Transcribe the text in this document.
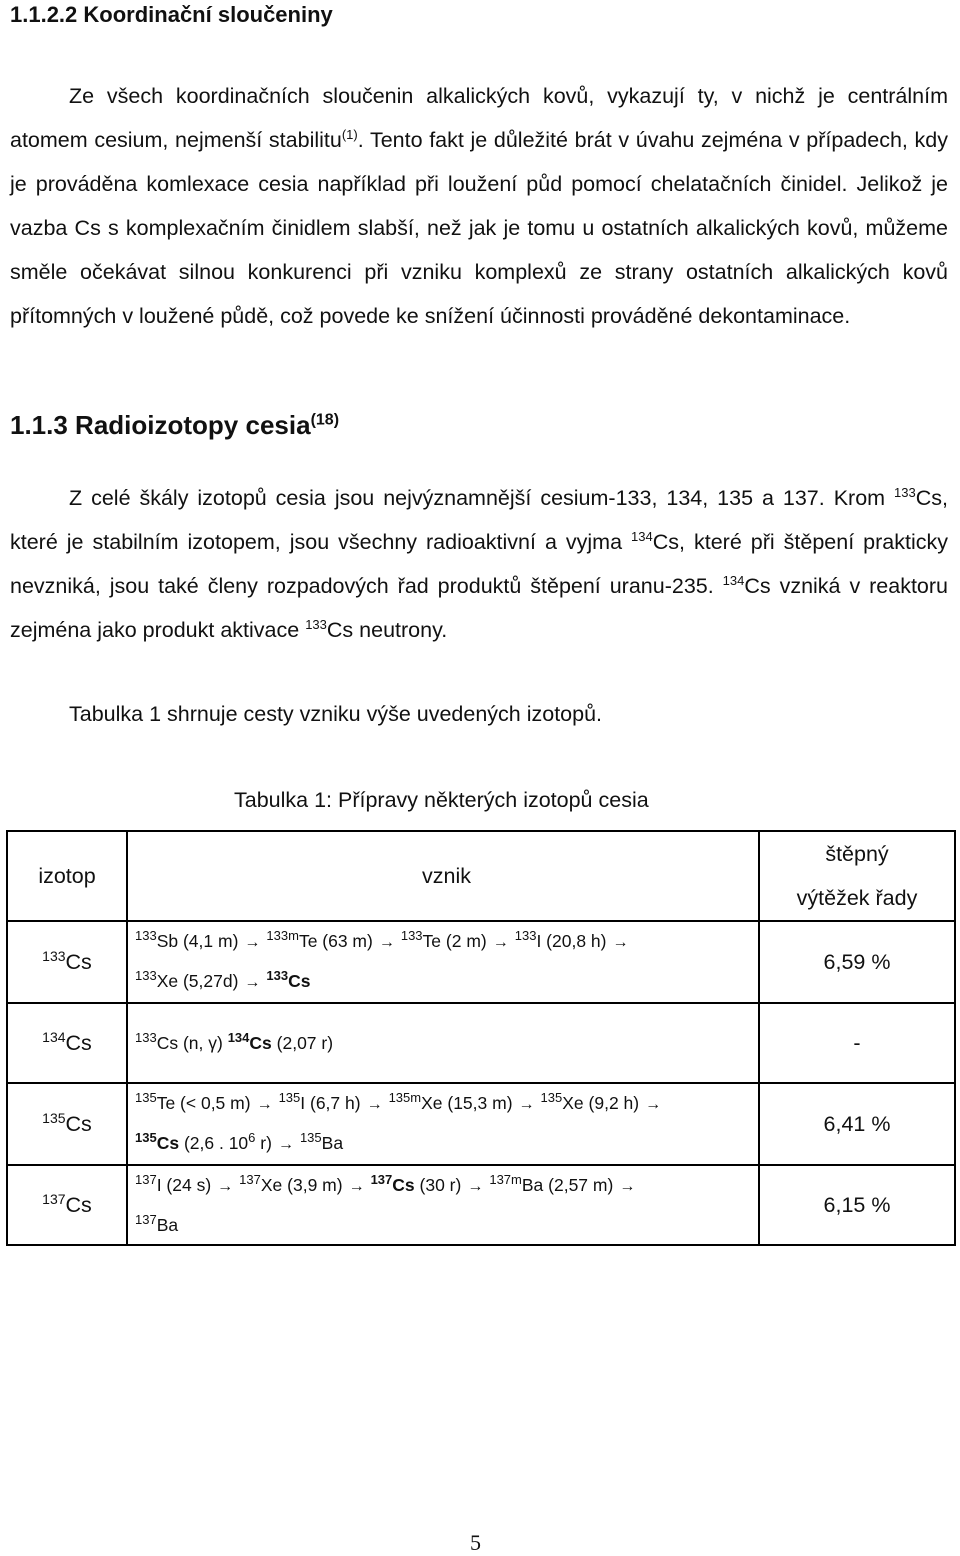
1.1.2.2 Koordinační sloučeniny
Ze všech koordinačních sloučenin alkalických kovů, vykazují ty, v nichž je centrálním atomem cesium, nejmenší stabilitu$^{(1)}$. Tento fakt je důležité brát v úvahu zejména v případech, kdy je prováděna komlexace cesia například při loužení půd pomocí chelatačních činidel. Jelikož je vazba Cs s komplexačním činidlem slabší, než jak je tomu u ostatních alkalických kovů, můžeme směle očekávat silnou konkurenci při vzniku komplexů ze strany ostatních alkalických kovů přítomných v loužené půdě, což povede ke snížení účinnosti prováděné dekontaminace.
1.1.3 Radioizotopy cesia$^{(18)}$
Z celé škály izotopů cesia jsou nejvýznamnější cesium-133, 134, 135 a 137. Krom $^{133}$Cs, které je stabilním izotopem, jsou všechny radioaktivní a vyjma $^{134}$Cs, které při štěpení prakticky nevzniká, jsou také členy rozpadových řad produktů štěpení uranu-235. $^{134}$Cs vzniká v reaktoru zejména jako produkt aktivace $^{133}$Cs neutrony.
Tabulka 1 shrnuje cesty vzniku výše uvedených izotopů.
Tabulka 1: Přípravy některých izotopů cesia
izotop	vznik	štěpný
výtěžek řady
$^{133}$Cs	$^{133}$Sb (4,1 m) → $^{133m}$Te (63 m) → $^{133}$Te (2 m) → $^{133}$I (20,8 h) →
$^{133}$Xe (5,27d) → $^{133}$Cs	6,59 %
$^{134}$Cs	$^{133}$Cs (n, γ) $^{134}$Cs (2,07 r)	-
$^{135}$Cs	$^{135}$Te (< 0,5 m) → $^{135}$I (6,7 h) → $^{135m}$Xe (15,3 m) → $^{135}$Xe (9,2 h) →
$^{135}$Cs (2,6 . $10^6$ r) → $^{135}$Ba	6,41 %
$^{137}$Cs	$^{137}$I (24 s) → $^{137}$Xe (3,9 m) → $^{137}$Cs (30 r) → $^{137m}$Ba (2,57 m) →
$^{137}$Ba	6,15 %
5
